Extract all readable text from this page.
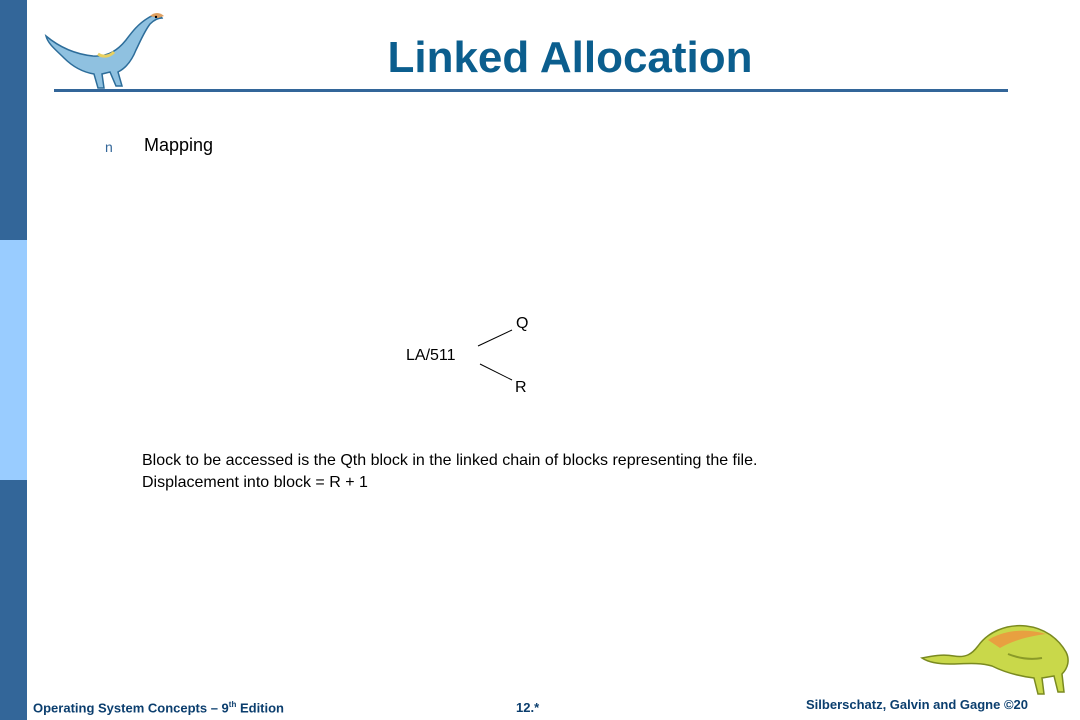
Linked Allocation
n Mapping
Q
LA/511
R
Block to be accessed is the Qth block in the linked chain of blocks representing the file.
Displacement into block = R + 1
Operating System Concepts – 9th Edition	12.*	Silberschatz, Galvin and Gagne ©20
